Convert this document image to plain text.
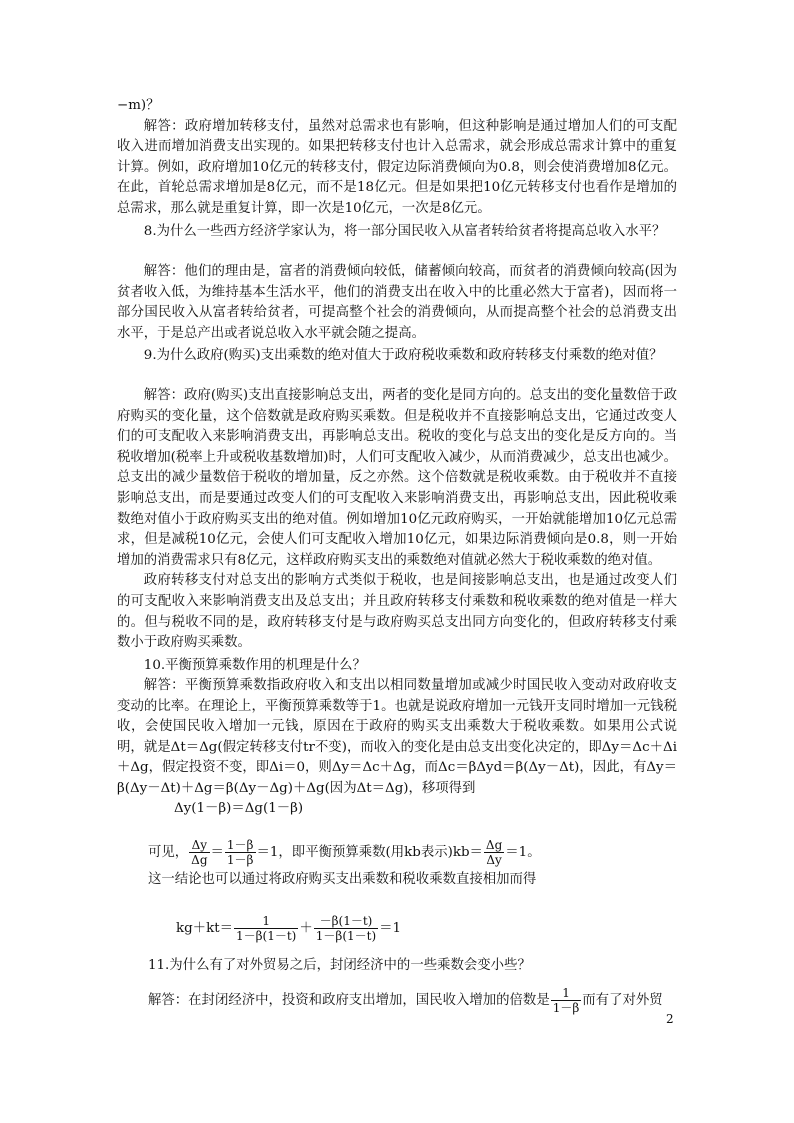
−m)？

解答：政府增加转移支付，虽然对总需求也有影响，但这种影响是通过增加人们的可支配收入进而增加消费支出实现的。如果把转移支付也计入总需求，就会形成总需求计算中的重复计算。例如，政府增加10亿元的转移支付，假定边际消费倾向为0.8，则会使消费增加8亿元。在此，首轮总需求增加是8亿元，而不是18亿元。但是如果把10亿元转移支付也看作是增加的总需求，那么就是重复计算，即一次是10亿元，一次是8亿元。

8.为什么一些西方经济学家认为，将一部分国民收入从富者转给贫者将提高总收入水平？

解答：他们的理由是，富者的消费倾向较低，储蓄倾向较高，而贫者的消费倾向较高(因为贫者收入低，为维持基本生活水平，他们的消费支出在收入中的比重必然大于富者)，因而将一部分国民收入从富者转给贫者，可提高整个社会的消费倾向，从而提高整个社会的总消费支出水平，于是总产出或者说总收入水平就会随之提高。

9.为什么政府(购买)支出乘数的绝对值大于政府税收乘数和政府转移支付乘数的绝对值？

解答：政府(购买)支出直接影响总支出，两者的变化是同方向的。总支出的变化量数倍于政府购买的变化量，这个倍数就是政府购买乘数。但是税收并不直接影响总支出，它通过改变人们的可支配收入来影响消费支出，再影响总支出。税收的变化与总支出的变化是反方向的。当税收增加(税率上升或税收基数增加)时，人们可支配收入减少，从而消费减少，总支出也减少。总支出的减少量数倍于税收的增加量，反之亦然。这个倍数就是税收乘数。由于税收并不直接影响总支出，而是要通过改变人们的可支配收入来影响消费支出，再影响总支出，因此税收乘数绝对值小于政府购买支出的绝对值。例如增加10亿元政府购买，一开始就能增加10亿元总需求，但是减税10亿元，会使人们可支配收入增加10亿元，如果边际消费倾向是0.8，则一开始增加的消费需求只有8亿元，这样政府购买支出的乘数绝对值就必然大于税收乘数的绝对值。

政府转移支付对总支出的影响方式类似于税收，也是间接影响总支出，也是通过改变人们的可支配收入来影响消费支出及总支出；并且政府转移支付乘数和税收乘数的绝对值是一样大的。但与税收不同的是，政府转移支付是与政府购买总支出同方向变化的，但政府转移支付乘数小于政府购买乘数。

10.平衡预算乘数作用的机理是什么？

解答：平衡预算乘数指政府收入和支出以相同数量增加或减少时国民收入变动对政府收支变动的比率。在理论上，平衡预算乘数等于1。也就是说政府增加一元钱开支同时增加一元钱税收，会使国民收入增加一元钱，原因在于政府的购买支出乘数大于税收乘数。如果用公式说明，就是Δt＝Δg(假定转移支付tr不变)，而收入的变化是由总支出变化决定的，即Δy＝Δc＋Δi＋Δg，假定投资不变，即Δi＝0，则Δy＝Δc＋Δg，而Δc＝βΔyd＝β(Δy－Δt)，因此，有Δy＝β(Δy－Δt)＋Δg＝β(Δy－Δg)＋Δg(因为Δt＝Δg)，移项得到

Δy(1－β)＝Δg(1－β)
可见， $\frac{\Delta y}{\Delta g} = \frac{1-\beta}{1-\beta} =1$，即平衡预算乘数(用kb表示)$kb= \frac{\Delta g}{\Delta y} =1$。
这一结论也可以通过将政府购买支出乘数和税收乘数直接相加而得
$kg+kt= \frac{1}{1-\beta(1-t)} + \frac{-\beta(1-t)}{1-\beta(1-t)} =1$
11.为什么有了对外贸易之后，封闭经济中的一些乘数会变小些？
解答：在封闭经济中，投资和政府支出增加，国民收入增加的倍数是 $\frac{1}{1-\beta}$ 而有了对外贸
2
